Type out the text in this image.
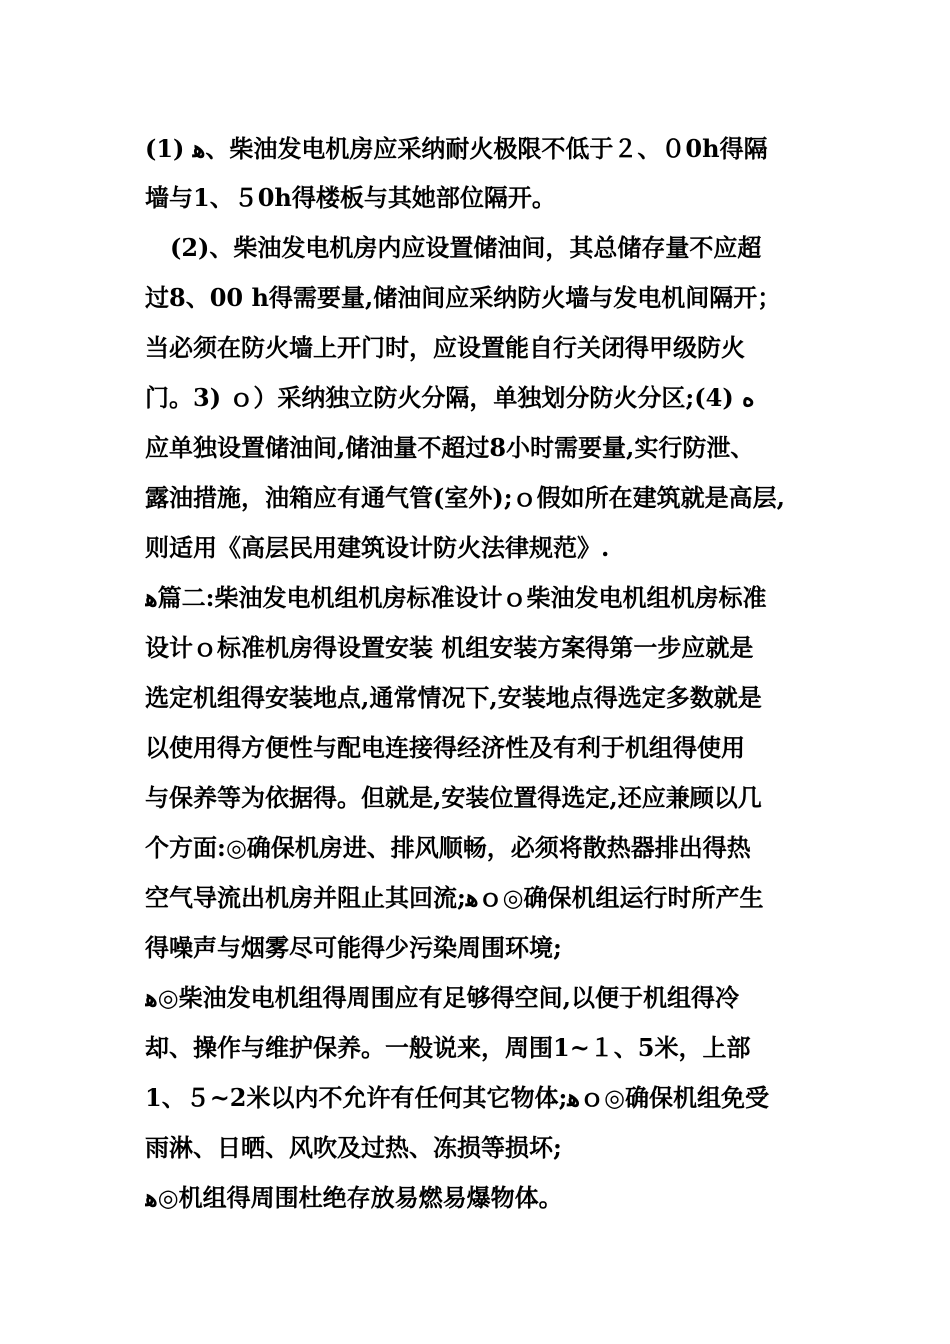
(1) ﻫ、柴油发电机房应采纳耐火极限不低于２、０0h得隔
墙与1、５0h得楼板与其她部位隔开。
(2)、柴油发电机房内应设置储油间，其总储存量不应超
过8、00 h得需要量,储油间应采纳防火墙与发电机间隔开；
当必须在防火墙上开门时，应设置能自行关闭得甲级防火
门。3) ｏ）采纳独立防火分隔，单独划分防火分区;(4) ﻩ
应单独设置储油间,储油量不超过8小时需要量,实行防泄、
露油措施，油箱应有通气管(室外);ｏ假如所在建筑就是高层,
则适用《高层民用建筑设计防火法律规范》.
ﻫ篇二:柴油发电机组机房标准设计ｏ柴油发电机组机房标准
设计ｏ标准机房得设置安装 机组安装方案得第一步应就是
选定机组得安装地点,通常情况下,安装地点得选定多数就是
以使用得方便性与配电连接得经济性及有利于机组得使用
与保养等为依据得。但就是,安装位置得选定,还应兼顾以几
个方面:◎确保机房进、排风顺畅，必须将散热器排出得热
空气导流出机房并阻止其回流;ﻫｏ◎确保机组运行时所产生
得噪声与烟雾尽可能得少污染周围环境;
ﻫ◎柴油发电机组得周围应有足够得空间,以便于机组得冷
却、操作与维护保养。一般说来，周围1~１、5米，上部
1、５~2米以内不允许有任何其它物体;ﻫｏ◎确保机组免受
雨淋、日晒、风吹及过热、冻损等损坏;
ﻫ◎机组得周围杜绝存放易燃易爆物体。
